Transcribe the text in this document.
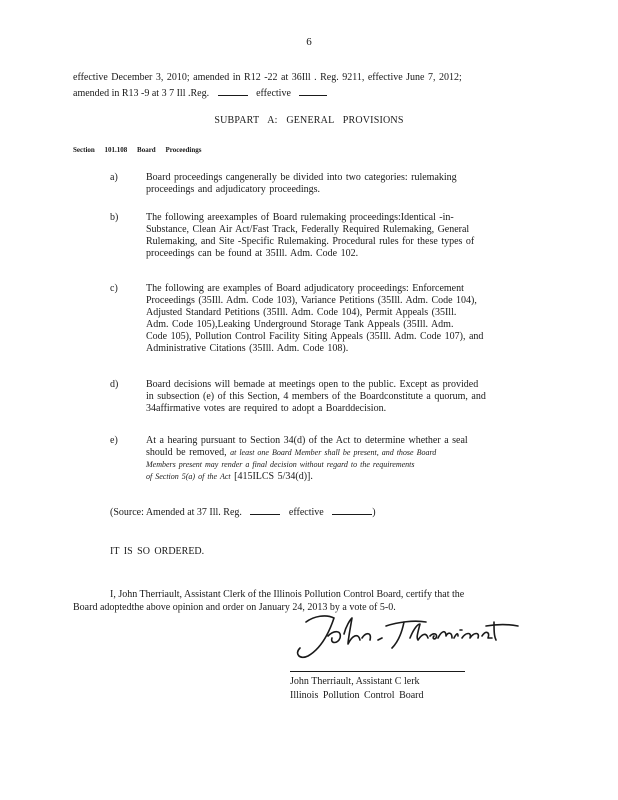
6
effective December 3, 2010; amended in R12 -22 at 36Ill . Reg. 9211, effective June 7, 2012;
amended in R13 -9 at 3 7 Ill .Reg.	effective
SUBPART A: GENERAL PROVISIONS
Section 101.108 Board Proceedings
a)	Board proceedings cangenerally be divided into two categories: rulemaking
proceedings and adjudicatory proceedings.
b)	The following areexamples of Board rulemaking proceedings:Identical -in-
Substance, Clean Air Act/Fast Track, Federally Required Rulemaking, General
Rulemaking, and Site -Specific Rulemaking. Procedural rules for these types of
proceedings can be found at 35Ill. Adm. Code 102.
c)	The following are examples of Board adjudicatory proceedings: Enforcement
Proceedings (35Ill. Adm. Code 103), Variance Petitions (35Ill. Adm. Code 104),
Adjusted Standard Petitions (35Ill. Adm. Code 104), Permit Appeals (35Ill.
Adm. Code 105),Leaking Underground Storage Tank Appeals (35Ill. Adm.
Code 105), Pollution Control Facility Siting Appeals (35Ill. Adm. Code 107), and
Administrative Citations (35Ill. Adm. Code 108).
d)	Board decisions will bemade at meetings open to the public. Except as provided
in subsection (e) of this Section, 4 members of the Boardconstitute a quorum, and
34affirmative votes are required to adopt a Boarddecision.
e)	At a hearing pursuant to Section 34(d) of the Act to determine whether a seal
should be removed, at least one Board Member shall be present, and those Board
Members present may render a final decision without regard to the requirements
of Section 5(a) of the Act [415ILCS 5/34(d)].
(Source: Amended at 37 Ill. Reg.	effective	)
IT IS SO ORDERED.
I, John Therriault, Assistant Clerk of the Illinois Pollution Control Board, certify that the
Board adoptedthe above opinion and order on January 24, 2013 by a vote of 5-0.
John Therriault, Assistant C lerk
Illinois Pollution Control Board
